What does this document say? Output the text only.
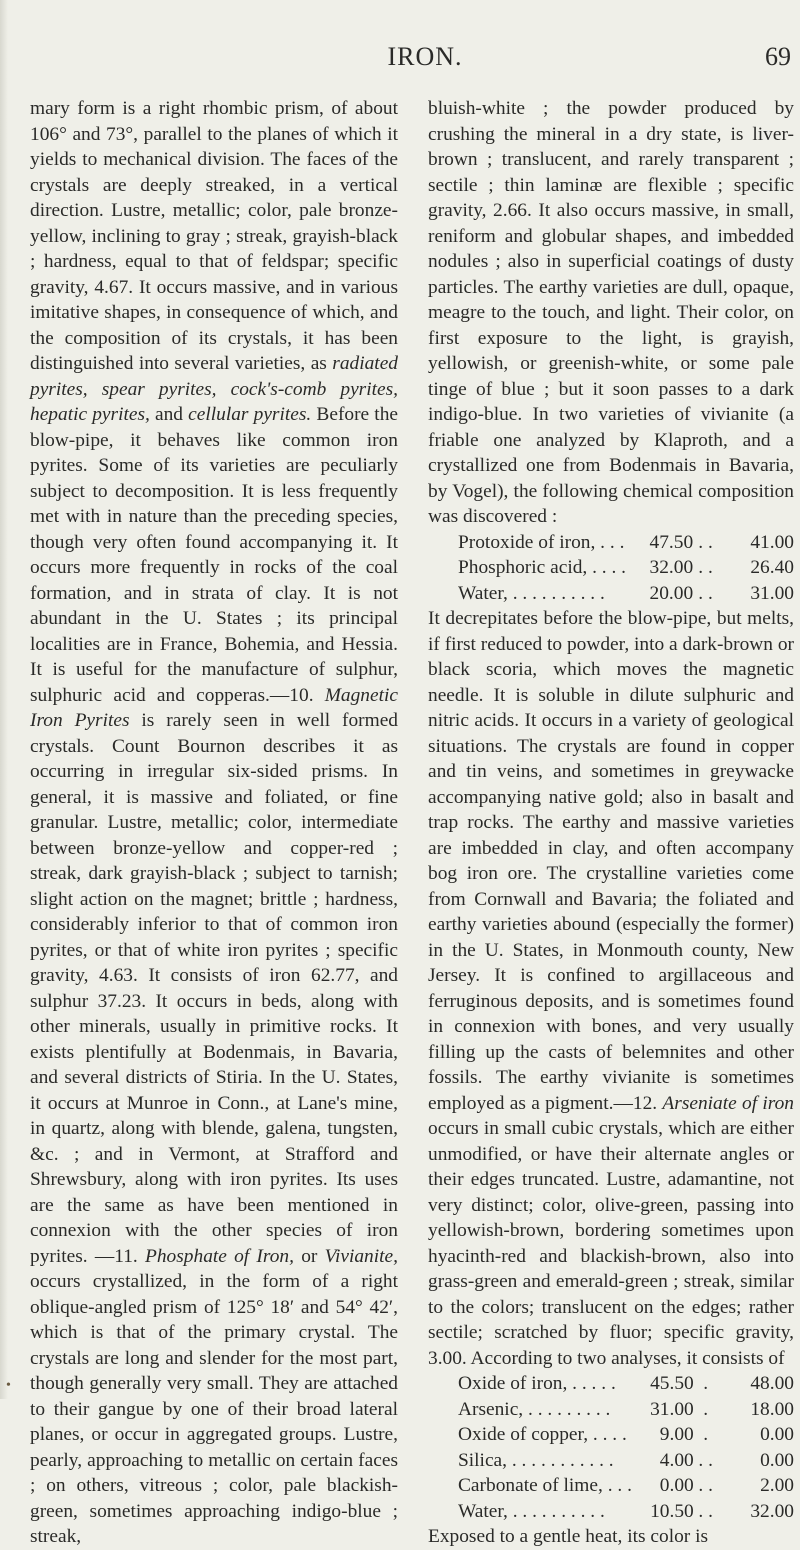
IRON.	69

mary form is a right rhombic prism, of about 106° and 73°, parallel to the planes of which it yields to mechanical division. The faces of the crystals are deeply streaked, in a vertical direction. Lustre, metallic; color, pale bronze-yellow, inclining to gray ; streak, grayish-black ; hardness, equal to that of feldspar; specific gravity, 4.67. It occurs massive, and in various imitative shapes, in consequence of which, and the composition of its crystals, it has been distinguished into several varieties, as radiated pyrites, spear pyrites, cock's-comb pyrites, hepatic pyrites, and cellular pyrites. Before the blow-pipe, it behaves like common iron pyrites. Some of its varieties are peculiarly subject to decomposition. It is less frequently met with in nature than the preceding species, though very often found accompanying it. It occurs more frequently in rocks of the coal formation, and in strata of clay. It is not abundant in the U. States ; its principal localities are in France, Bohemia, and Hessia. It is useful for the manufacture of sulphur, sulphuric acid and copperas.—10. Magnetic Iron Pyrites is rarely seen in well formed crystals. Count Bournon describes it as occurring in irregular six-sided prisms. In general, it is massive and foliated, or fine granular. Lustre, metallic; color, intermediate between bronze-yellow and copper-red ; streak, dark grayish-black ; subject to tarnish; slight action on the magnet; brittle ; hardness, considerably inferior to that of common iron pyrites, or that of white iron pyrites ; specific gravity, 4.63. It consists of iron 62.77, and sulphur 37.23. It occurs in beds, along with other minerals, usually in primitive rocks. It exists plentifully at Bodenmais, in Bavaria, and several districts of Stiria. In the U. States, it occurs at Munroe in Conn., at Lane's mine, in quartz, along with blende, galena, tungsten, &c. ; and in Vermont, at Strafford and Shrewsbury, along with iron pyrites. Its uses are the same as have been mentioned in connexion with the other species of iron pyrites. —11. Phosphate of Iron, or Vivianite, occurs crystallized, in the form of a right oblique-angled prism of 125° 18′ and 54° 42′, which is that of the primary crystal. The crystals are long and slender for the most part, though generally very small. They are attached to their gangue by one of their broad lateral planes, or occur in aggregated groups. Lustre, pearly, approaching to metallic on certain faces ; on others, vitreous ; color, pale blackish-green, sometimes approaching indigo-blue ; streak,

bluish-white ; the powder produced by crushing the mineral in a dry state, is liver-brown ; translucent, and rarely transparent ; sectile ; thin laminæ are flexible ; specific gravity, 2.66. It also occurs massive, in small, reniform and globular shapes, and imbedded nodules ; also in superficial coatings of dusty particles. The earthy varieties are dull, opaque, meagre to the touch, and light. Their color, on first exposure to the light, is grayish, yellowish, or greenish-white, or some pale tinge of blue ; but it soon passes to a dark indigo-blue. In two varieties of vivianite (a friable one analyzed by Klaproth, and a crystallized one from Bodenmais in Bavaria, by Vogel), the following chemical composition was discovered :

Protoxide of iron, . . .	47.50	. .	41.00
Phosphoric acid, . . . .	32.00	. .	26.40
Water, . . . . . . . . . .	20.00	. .	31.00

It decrepitates before the blow-pipe, but melts, if first reduced to powder, into a dark-brown or black scoria, which moves the magnetic needle. It is soluble in dilute sulphuric and nitric acids. It occurs in a variety of geological situations. The crystals are found in copper and tin veins, and sometimes in greywacke accompanying native gold; also in basalt and trap rocks. The earthy and massive varieties are imbedded in clay, and often accompany bog iron ore. The crystalline varieties come from Cornwall and Bavaria; the foliated and earthy varieties abound (especially the former) in the U. States, in Monmouth county, New Jersey. It is confined to argillaceous and ferruginous deposits, and is sometimes found in connexion with bones, and very usually filling up the casts of belemnites and other fossils. The earthy vivianite is sometimes employed as a pigment.—12. Arseniate of iron occurs in small cubic crystals, which are either unmodified, or have their alternate angles or their edges truncated. Lustre, adamantine, not very distinct; color, olive-green, passing into yellowish-brown, bordering sometimes upon hyacinth-red and blackish-brown, also into grass-green and emerald-green ; streak, similar to the colors; translucent on the edges; rather sectile; scratched by fluor; specific gravity, 3.00. According to two analyses, it consists of

Oxide of iron, . . . . .	45.50	.	48.00
Arsenic, . . . . . . . . .	31.00	.	18.00
Oxide of copper, . . . .	9.00	.	0.00
Silica, . . . . . . . . . . .	4.00	. .	0.00
Carbonate of lime, . . .	0.00	. .	2.00
Water, . . . . . . . . . .	10.50	. .	32.00

Exposed to a gentle heat, its color is

•
